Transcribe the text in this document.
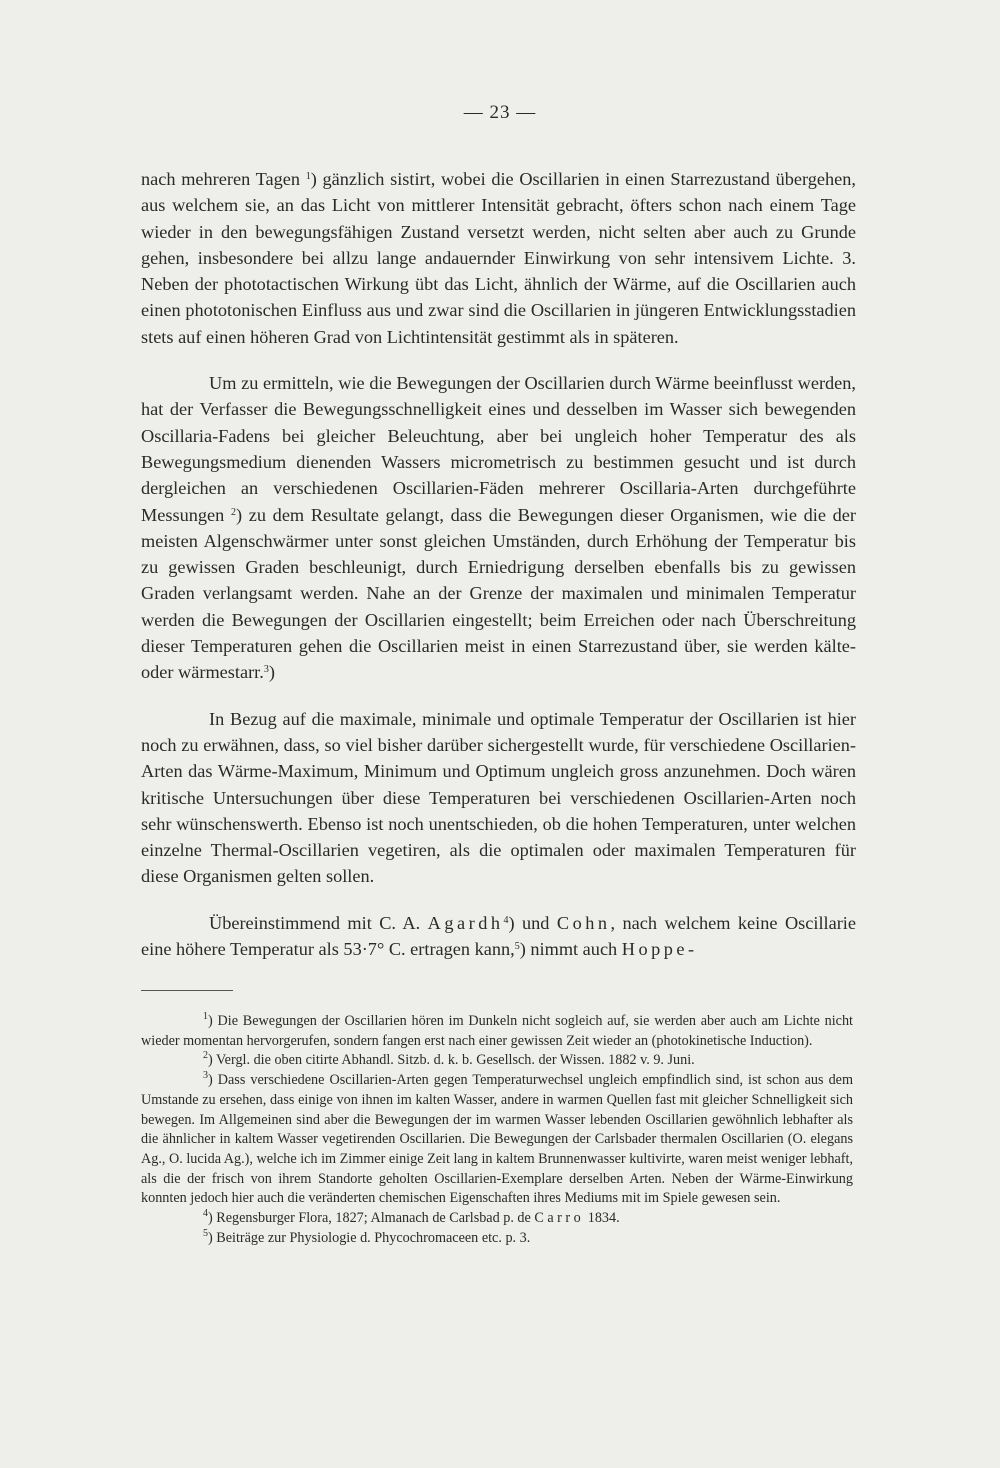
— 23 —

nach mehreren Tagen $^1$) gänzlich sistirt, wobei die Oscillarien in einen Starrezustand übergehen, aus welchem sie, an das Licht von mittlerer Intensität gebracht, öfters schon nach einem Tage wieder in den bewegungsfähigen Zustand versetzt werden, nicht selten aber auch zu Grunde gehen, insbesondere bei allzu lange andauernder Einwirkung von sehr intensivem Lichte. 3. Neben der phototactischen Wirkung übt das Licht, ähnlich der Wärme, auf die Oscillarien auch einen phototonischen Einfluss aus und zwar sind die Oscillarien in jüngeren Entwicklungsstadien stets auf einen höheren Grad von Lichtintensität gestimmt als in späteren.

Um zu ermitteln, wie die Bewegungen der Oscillarien durch Wärme beeinflusst werden, hat der Verfasser die Bewegungsschnelligkeit eines und desselben im Wasser sich bewegenden Oscillaria-Fadens bei gleicher Beleuchtung, aber bei ungleich hoher Temperatur des als Bewegungsmedium dienenden Wassers micrometrisch zu bestimmen gesucht und ist durch dergleichen an verschiedenen Oscillarien-Fäden mehrerer Oscillaria-Arten durchgeführte Messungen $^2$) zu dem Resultate gelangt, dass die Bewegungen dieser Organismen, wie die der meisten Algenschwärmer unter sonst gleichen Umständen, durch Erhöhung der Temperatur bis zu gewissen Graden beschleunigt, durch Erniedrigung derselben ebenfalls bis zu gewissen Graden verlangsamt werden. Nahe an der Grenze der maximalen und minimalen Temperatur werden die Bewegungen der Oscillarien eingestellt; beim Erreichen oder nach Überschreitung dieser Temperaturen gehen die Oscillarien meist in einen Starrezustand über, sie werden kälte- oder wärmestarr.$^3$)

In Bezug auf die maximale, minimale und optimale Temperatur der Oscillarien ist hier noch zu erwähnen, dass, so viel bisher darüber sichergestellt wurde, für verschiedene Oscillarien-Arten das Wärme-Maximum, Minimum und Optimum ungleich gross anzunehmen. Doch wären kritische Untersuchungen über diese Temperaturen bei verschiedenen Oscillarien-Arten noch sehr wünschenswerth. Ebenso ist noch unentschieden, ob die hohen Temperaturen, unter welchen einzelne Thermal-Oscillarien vegetiren, als die optimalen oder maximalen Temperaturen für diese Organismen gelten sollen.

Übereinstimmend mit C. A. Agardh$^4$) und Cohn, nach welchem keine Oscillarie eine höhere Temperatur als 53·7° C. ertragen kann,$^5$) nimmt auch Hoppe-

$^1$) Die Bewegungen der Oscillarien hören im Dunkeln nicht sogleich auf, sie werden aber auch am Lichte nicht wieder momentan hervorgerufen, sondern fangen erst nach einer gewissen Zeit wieder an (photokinetische Induction).

$^2$) Vergl. die oben citirte Abhandl. Sitzb. d. k. b. Gesellsch. der Wissen. 1882 v. 9. Juni.

$^3$) Dass verschiedene Oscillarien-Arten gegen Temperaturwechsel ungleich empfindlich sind, ist schon aus dem Umstande zu ersehen, dass einige von ihnen im kalten Wasser, andere in warmen Quellen fast mit gleicher Schnelligkeit sich bewegen. Im Allgemeinen sind aber die Bewegungen der im warmen Wasser lebenden Oscillarien gewöhnlich lebhafter als die ähnlicher in kaltem Wasser vegetirenden Oscillarien. Die Bewegungen der Carlsbader thermalen Oscillarien (O. elegans Ag., O. lucida Ag.), welche ich im Zimmer einige Zeit lang in kaltem Brunnenwasser kultivirte, waren meist weniger lebhaft, als die der frisch von ihrem Standorte geholten Oscillarien-Exemplare derselben Arten. Neben der Wärme-Einwirkung konnten jedoch hier auch die veränderten chemischen Eigenschaften ihres Mediums mit im Spiele gewesen sein.

$^4$) Regensburger Flora, 1827; Almanach de Carlsbad p. de Carro 1834.

$^5$) Beiträge zur Physiologie d. Phycochromaceen etc. p. 3.
